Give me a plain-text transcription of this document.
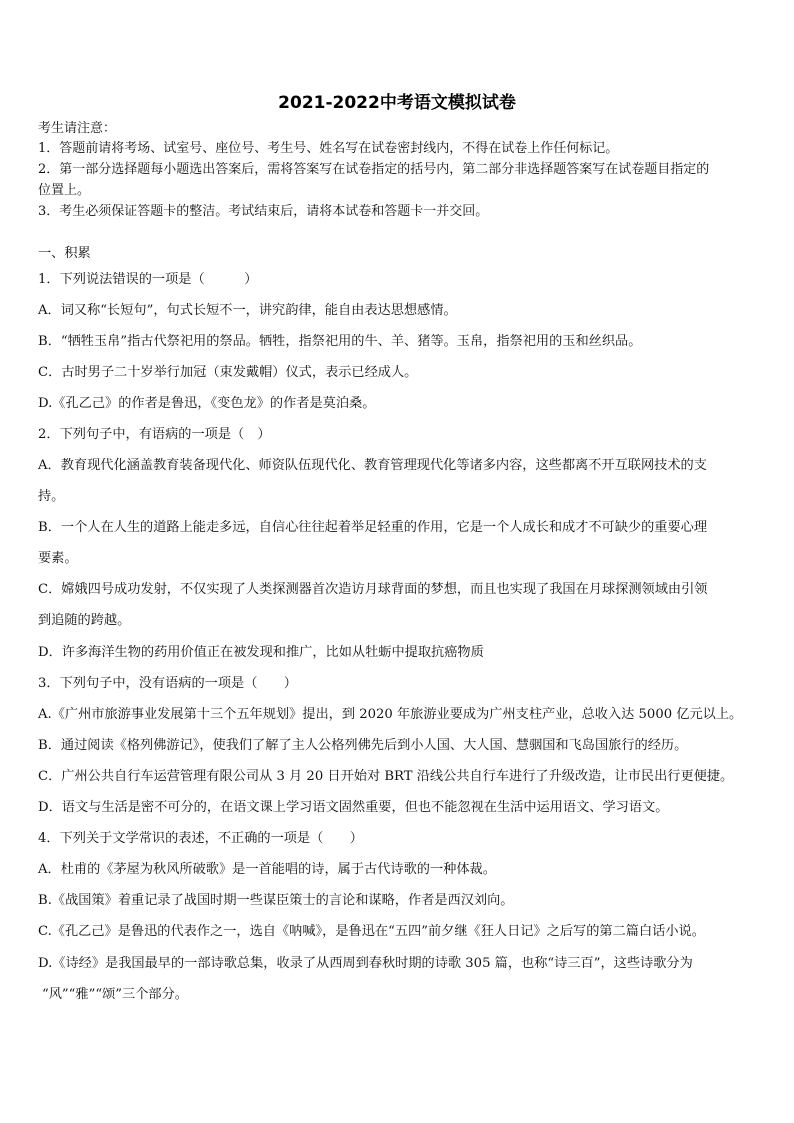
2021-2022中考语文模拟试卷
考生请注意：
1．答题前请将考场、试室号、座位号、考生号、姓名写在试卷密封线内，不得在试卷上作任何标记。
2．第一部分选择题每小题选出答案后，需将答案写在试卷指定的括号内，第二部分非选择题答案写在试卷题目指定的
位置上。
3．考生必须保证答题卡的整洁。考试结束后，请将本试卷和答题卡一并交回。
一、积累
1．下列说法错误的一项是（　　　）
A．词又称“长短句”，句式长短不一，讲究韵律，能自由表达思想感情。
B．“牺牲玉帛”指古代祭祀用的祭品。牺牲，指祭祀用的牛、羊、猪等。玉帛，指祭祀用的玉和丝织品。
C．古时男子二十岁举行加冠（束发戴帽）仪式，表示已经成人。
D.《孔乙己》的作者是鲁迅，《变色龙》的作者是莫泊桑。
2．下列句子中，有语病的一项是（　）
A．教育现代化涵盖教育装备现代化、师资队伍现代化、教育管理现代化等诸多内容，这些都离不开互联网技术的支
持。
B．一个人在人生的道路上能走多远，自信心往往起着举足轻重的作用，它是一个人成长和成才不可缺少的重要心理
要素。
C．嫦娥四号成功发射，不仅实现了人类探测器首次造访月球背面的梦想，而且也实现了我国在月球探测领域由引领
到追随的跨越。
D．许多海洋生物的药用价值正在被发现和推广，比如从牡蛎中提取抗癌物质
3．下列句子中，没有语病的一项是（　　）
A.《广州市旅游事业发展第十三个五年规划》提出，到 2020 年旅游业要成为广州支柱产业，总收入达 5000 亿元以上。
B．通过阅读《格列佛游记》，使我们了解了主人公格列佛先后到小人国、大人国、慧骃国和飞岛国旅行的经历。
C．广州公共自行车运营管理有限公司从 3 月 20 日开始对 BRT 沿线公共自行车进行了升级改造，让市民出行更便捷。
D．语文与生活是密不可分的，在语文课上学习语文固然重要，但也不能忽视在生活中运用语文、学习语文。
4．下列关于文学常识的表述，不正确的一项是（　　）
A．杜甫的《茅屋为秋风所破歌》是一首能唱的诗，属于古代诗歌的一种体裁。
B.《战国策》着重记录了战国时期一些谋臣策士的言论和谋略，作者是西汉刘向。
C.《孔乙己》是鲁迅的代表作之一，选自《呐喊》，是鲁迅在“五四”前夕继《狂人日记》之后写的第二篇白话小说。
D.《诗经》是我国最早的一部诗歌总集，收录了从西周到春秋时期的诗歌 305 篇，也称“诗三百”，这些诗歌分为
“风”“雅”“颂”三个部分。
